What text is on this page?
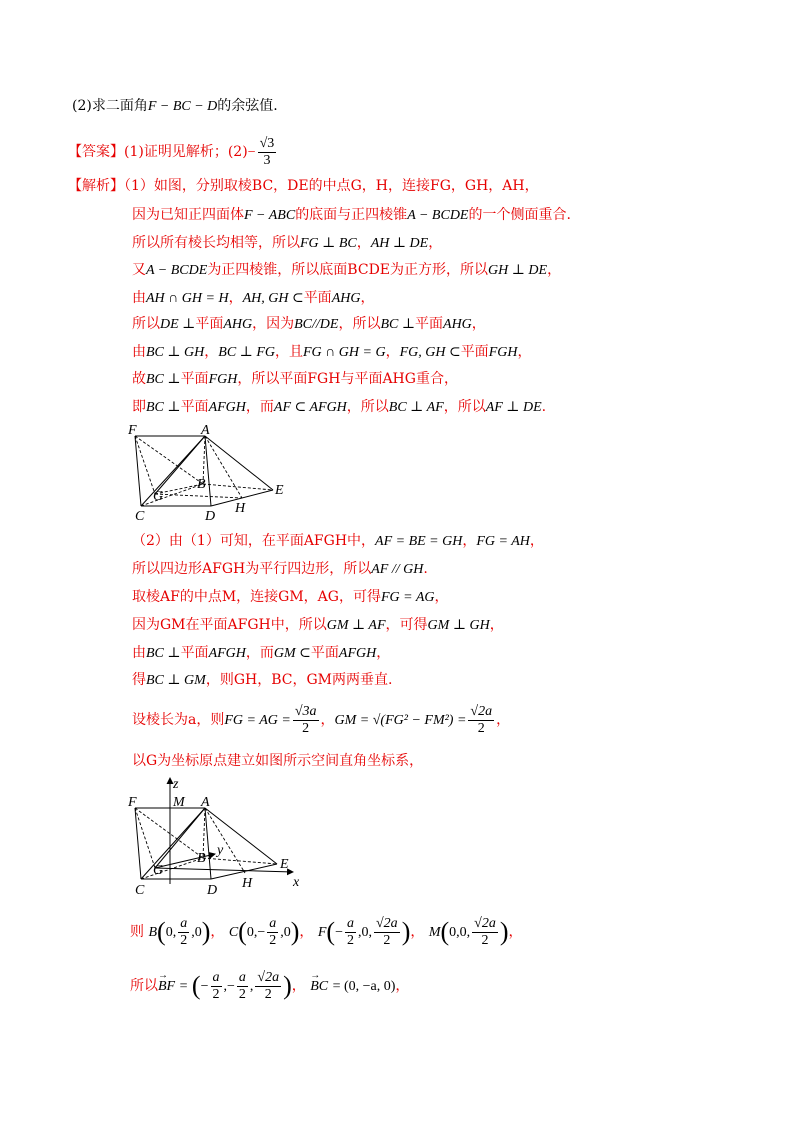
(2)求二面角F − BC − D的余弦值.
【答案】(1)证明见解析；$(2)- \frac{√3}{3}$
【解析】（1）如图，分别取棱BC，DE的中点G，H，连接FG，GH，AH，
因为已知正四面体F − ABC的底面与正四棱锥A − BCDE的一个侧面重合.
所以所有棱长均相等，所以FG ⊥ BC，AH ⊥ DE，
又A − BCDE为正四棱锥，所以底面BCDE为正方形，所以GH ⊥ DE，
由AH ∩ GH = H，AH, GH ⊂平面AHG，
所以DE ⊥平面AHG，因为BC//DE，所以BC ⊥平面AHG，
由BC ⊥ GH，BC ⊥ FG，且FG ∩ GH = G，FG, GH ⊂平面FGH，
故BC ⊥平面FGH，所以平面FGH与平面AHG重合，
即BC ⊥平面AFGH，而AF ⊂ AFGH，所以BC ⊥ AF，所以AF ⊥ DE.
F	A
B
G	E
H
C	D
（2）由（1）可知，在平面AFGH中，AF = BE = GH，FG = AH，
所以四边形AFGH为平行四边形，所以AF // GH.
取棱AF的中点M，连接GM，AG，可得FG = AG，
因为GM在平面AFGH中，所以GM ⊥ AF，可得GM ⊥ GH，
由BC ⊥平面AFGH，而GM ⊂平面AFGH，
得BC ⊥ GM，则GH，BC，GM两两垂直.
设棱长为a，则FG = AG = $\frac{√3a}{2}$ ，GM = $√(FG^2 - FM^2) = \frac{√2a}{2}$ ，
以G为坐标原点建立如图所示空间直角坐标系，
z
F	M A
B
y
G	E
H	x
C	D
则 B(0, $\frac{a}{2} ,0$)， $C(0,- \frac{a}{2} ,0)$， $F(- \frac{a}{2} ,0$, $\frac{√2a}{2}$ )， M(0,0, $\frac{√2a}{2}$ )，
所以
→
BF = (− $\frac{a}{2}$ ,− $\frac{a}{2}$ , $\frac{√2a}{2}$ )，
→
BC = (0, −a, 0)，
